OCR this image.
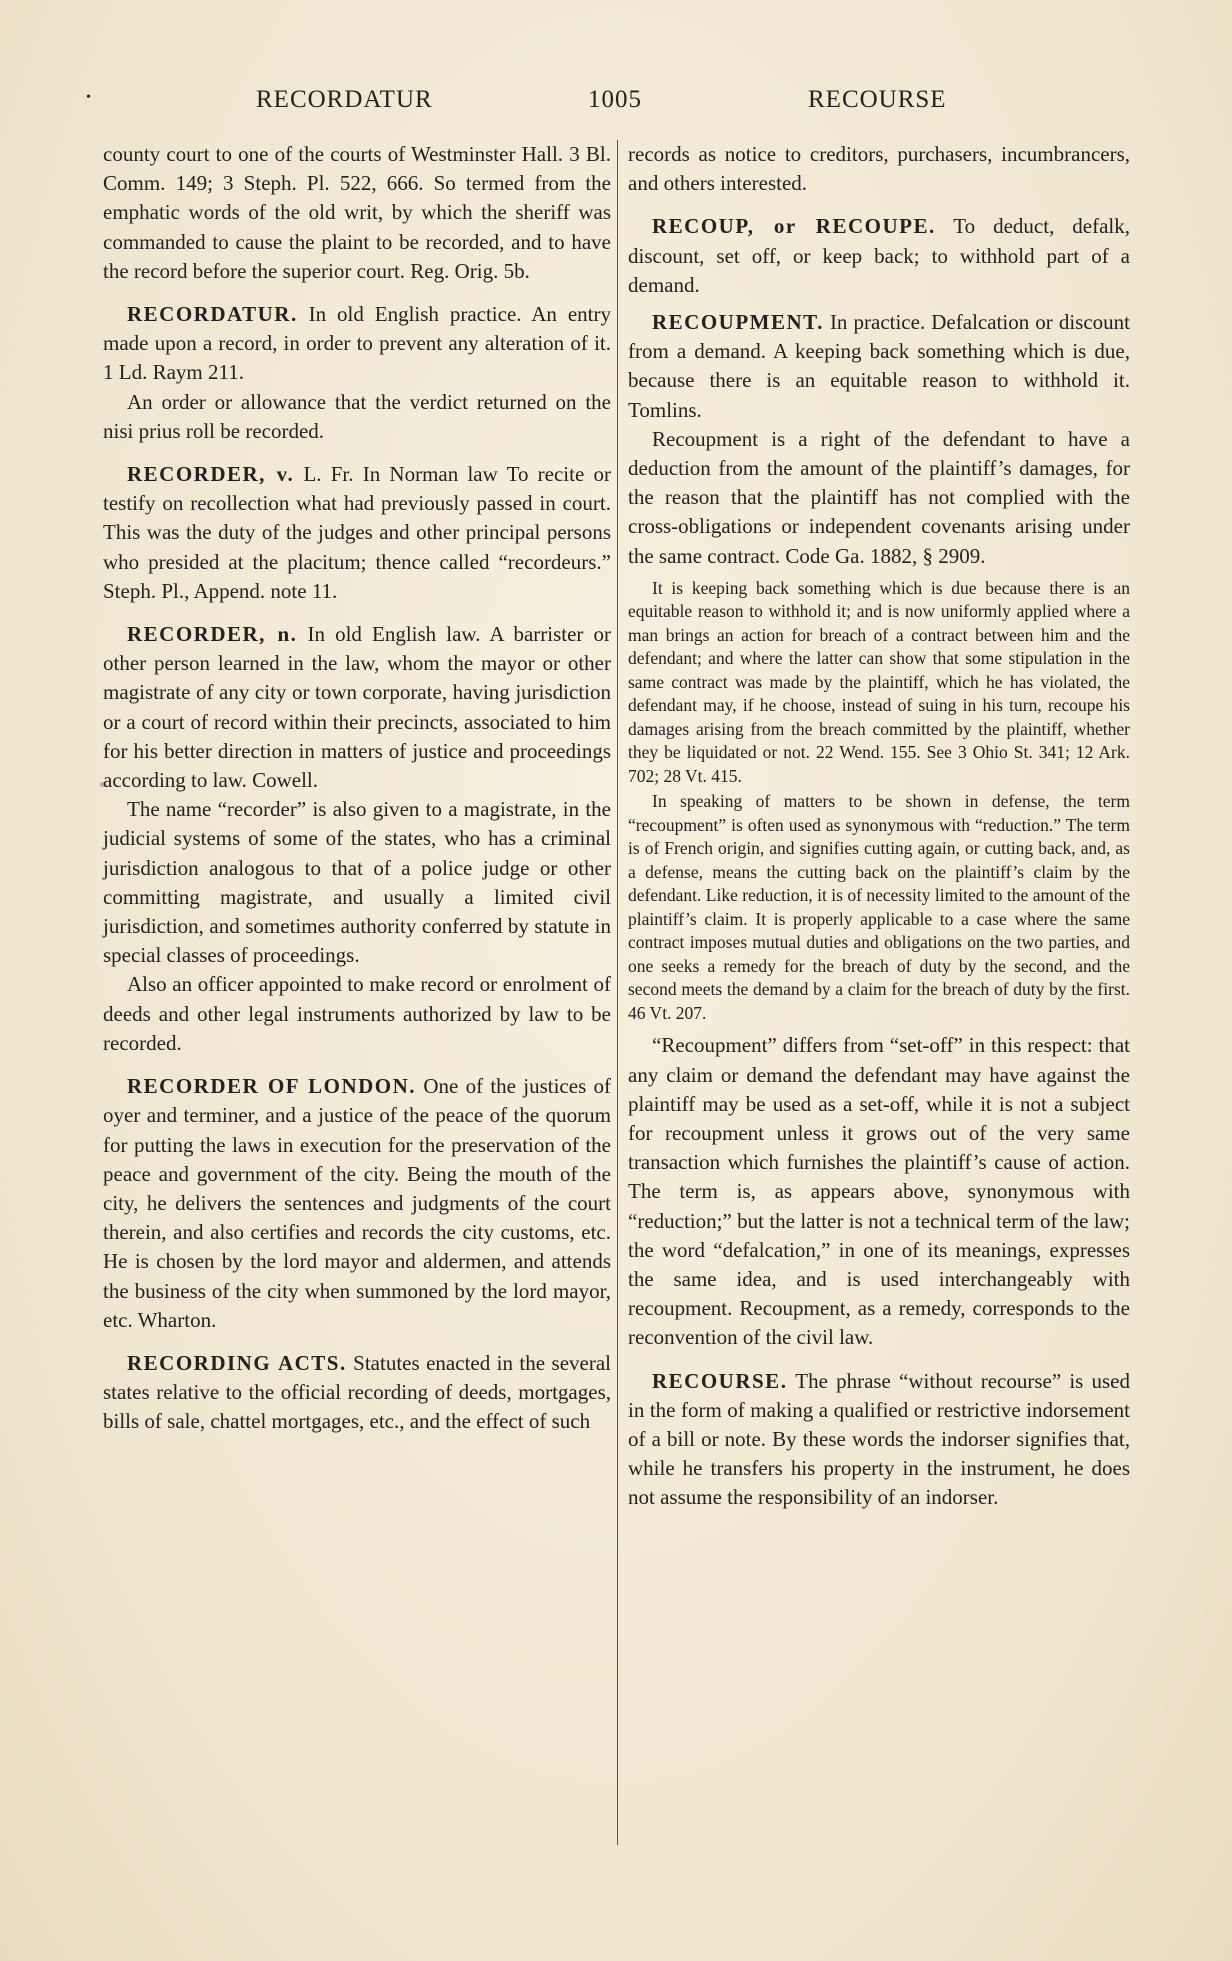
•	RECORDATUR	1005	RECOURSE

county court to one of the courts of Westminster Hall. 3 Bl. Comm. 149; 3 Steph. Pl. 522, 666. So termed from the emphatic words of the old writ, by which the sheriff was commanded to cause the plaint to be recorded, and to have the record before the superior court. Reg. Orig. 5b.

RECORDATUR. In old English practice. An entry made upon a record, in order to prevent any alteration of it. 1 Ld. Raym 211.

An order or allowance that the verdict returned on the nisi prius roll be recorded.

RECORDER, v. L. Fr. In Norman law To recite or testify on recollection what had previously passed in court. This was the duty of the judges and other principal persons who presided at the placitum; thence called “recordeurs.” Steph. Pl., Append. note 11.

RECORDER, n. In old English law. A barrister or other person learned in the law, whom the mayor or other magistrate of any city or town corporate, having jurisdiction or a court of record within their precincts, associated to him for his better direction in matters of justice and proceedings according to law. Cowell.

The name “recorder” is also given to a magistrate, in the judicial systems of some of the states, who has a criminal jurisdiction analogous to that of a police judge or other committing magistrate, and usually a limited civil jurisdiction, and sometimes authority conferred by statute in special classes of proceedings.

Also an officer appointed to make record or enrolment of deeds and other legal instruments authorized by law to be recorded.

RECORDER OF LONDON. One of the justices of oyer and terminer, and a justice of the peace of the quorum for putting the laws in execution for the preservation of the peace and government of the city. Being the mouth of the city, he delivers the sentences and judgments of the court therein, and also certifies and records the city customs, etc. He is chosen by the lord mayor and aldermen, and attends the business of the city when summoned by the lord mayor, etc. Wharton.

RECORDING ACTS. Statutes enacted in the several states relative to the official recording of deeds, mortgages, bills of sale, chattel mortgages, etc., and the effect of such

records as notice to creditors, purchasers, incumbrancers, and others interested.

RECOUP, or RECOUPE. To deduct, defalk, discount, set off, or keep back; to withhold part of a demand.

RECOUPMENT. In practice. Defalcation or discount from a demand. A keeping back something which is due, because there is an equitable reason to withhold it. Tomlins.

Recoupment is a right of the defendant to have a deduction from the amount of the plaintiff’s damages, for the reason that the plaintiff has not complied with the cross-obligations or independent covenants arising under the same contract. Code Ga. 1882, § 2909.

It is keeping back something which is due because there is an equitable reason to withhold it; and is now uniformly applied where a man brings an action for breach of a contract between him and the defendant; and where the latter can show that some stipulation in the same contract was made by the plaintiff, which he has violated, the defendant may, if he choose, instead of suing in his turn, recoupe his damages arising from the breach committed by the plaintiff, whether they be liquidated or not. 22 Wend. 155. See 3 Ohio St. 341; 12 Ark. 702; 28 Vt. 415.

In speaking of matters to be shown in defense, the term “recoupment” is often used as synonymous with “reduction.” The term is of French origin, and signifies cutting again, or cutting back, and, as a defense, means the cutting back on the plaintiff’s claim by the defendant. Like reduction, it is of necessity limited to the amount of the plaintiff’s claim. It is properly applicable to a case where the same contract imposes mutual duties and obligations on the two parties, and one seeks a remedy for the breach of duty by the second, and the second meets the demand by a claim for the breach of duty by the first. 46 Vt. 207.

“Recoupment” differs from “set-off” in this respect: that any claim or demand the defendant may have against the plaintiff may be used as a set-off, while it is not a subject for recoupment unless it grows out of the very same transaction which furnishes the plaintiff’s cause of action. The term is, as appears above, synonymous with “reduction;” but the latter is not a technical term of the law; the word “defalcation,” in one of its meanings, expresses the same idea, and is used interchangeably with recoupment. Recoupment, as a remedy, corresponds to the reconvention of the civil law.

RECOURSE. The phrase “without recourse” is used in the form of making a qualified or restrictive indorsement of a bill or note. By these words the indorser signifies that, while he transfers his property in the instrument, he does not assume the responsibility of an indorser.
